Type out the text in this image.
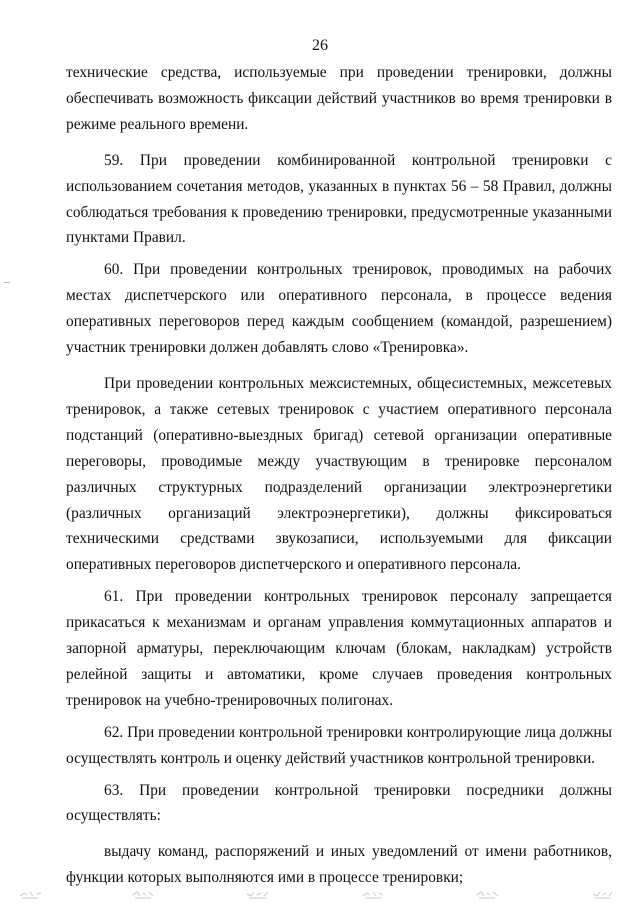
26

технические средства, используемые при проведении тренировки, должны обеспечивать возможность фиксации действий участников во время тренировки в режиме реального времени.

59. При проведении комбинированной контрольной тренировки с использованием сочетания методов, указанных в пунктах 56 – 58 Правил, должны соблюдаться требования к проведению тренировки, предусмотренные указанными пунктами Правил.

60. При проведении контрольных тренировок, проводимых на рабочих местах диспетчерского или оперативного персонала, в процессе ведения оперативных переговоров перед каждым сообщением (командой, разрешением) участник тренировки должен добавлять слово «Тренировка».

При проведении контрольных межсистемных, общесистемных, межсетевых тренировок, а также сетевых тренировок с участием оперативного персонала подстанций (оперативно-выездных бригад) сетевой организации оперативные переговоры, проводимые между участвующим в тренировке персоналом различных структурных подразделений организации электроэнергетики (различных организаций электроэнергетики), должны фиксироваться техническими средствами звукозаписи, используемыми для фиксации оперативных переговоров диспетчерского и оперативного персонала.

61. При проведении контрольных тренировок персоналу запрещается прикасаться к механизмам и органам управления коммутационных аппаратов и запорной арматуры, переключающим ключам (блокам, накладкам) устройств релейной защиты и автоматики, кроме случаев проведения контрольных тренировок на учебно-тренировочных полигонах.

62. При проведении контрольной тренировки контролирующие лица должны осуществлять контроль и оценку действий участников контрольной тренировки.

63. При проведении контрольной тренировки посредники должны осуществлять:

выдачу команд, распоряжений и иных уведомлений от имени работников, функции которых выполняются ими в процессе тренировки;
